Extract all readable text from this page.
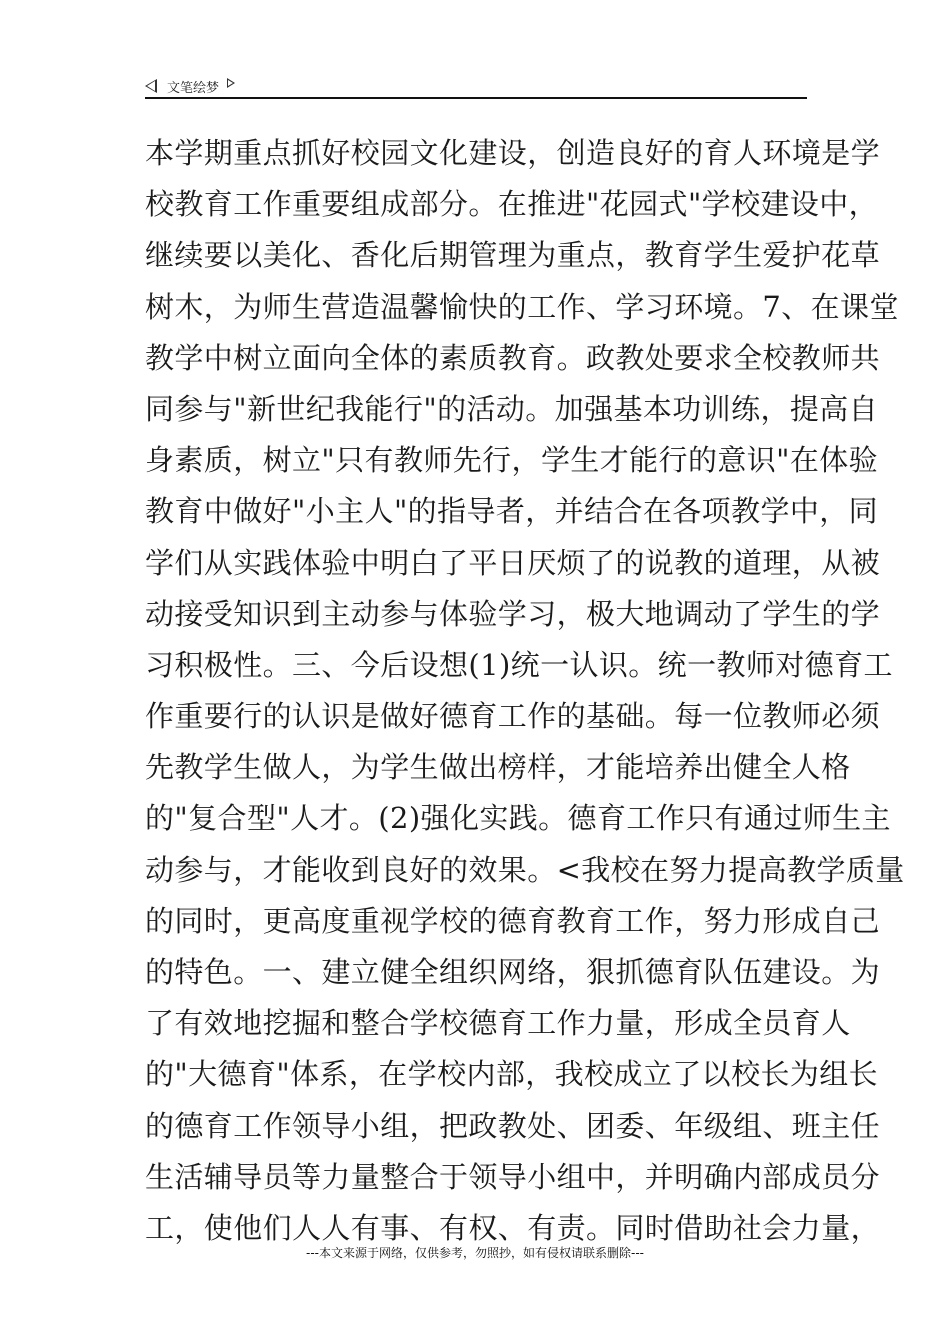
文笔绘梦
本学期重点抓好校园文化建设，创造良好的育人环境是学
校教育工作重要组成部分。在推进"花园式"学校建设中，
继续要以美化、香化后期管理为重点，教育学生爱护花草
树木，为师生营造温馨愉快的工作、学习环境。7、在课堂
教学中树立面向全体的素质教育。政教处要求全校教师共
同参与"新世纪我能行"的活动。加强基本功训练，提高自
身素质，树立"只有教师先行，学生才能行的意识"在体验
教育中做好"小主人"的指导者，并结合在各项教学中，同
学们从实践体验中明白了平日厌烦了的说教的道理，从被
动接受知识到主动参与体验学习，极大地调动了学生的学
习积极性。三、今后设想(1)统一认识。统一教师对德育工
作重要行的认识是做好德育工作的基础。每一位教师必须
先教学生做人，为学生做出榜样，才能培养出健全人格
的"复合型"人才。(2)强化实践。德育工作只有通过师生主
动参与，才能收到良好的效果。<我校在努力提高教学质量
的同时，更高度重视学校的德育教育工作，努力形成自己
的特色。一、建立健全组织网络，狠抓德育队伍建设。为
了有效地挖掘和整合学校德育工作力量，形成全员育人
的"大德育"体系，在学校内部，我校成立了以校长为组长
的德育工作领导小组，把政教处、团委、年级组、班主任
生活辅导员等力量整合于领导小组中，并明确内部成员分
工，使他们人人有事、有权、有责。同时借助社会力量，
---本文来源于网络，仅供参考，勿照抄，如有侵权请联系删除---
